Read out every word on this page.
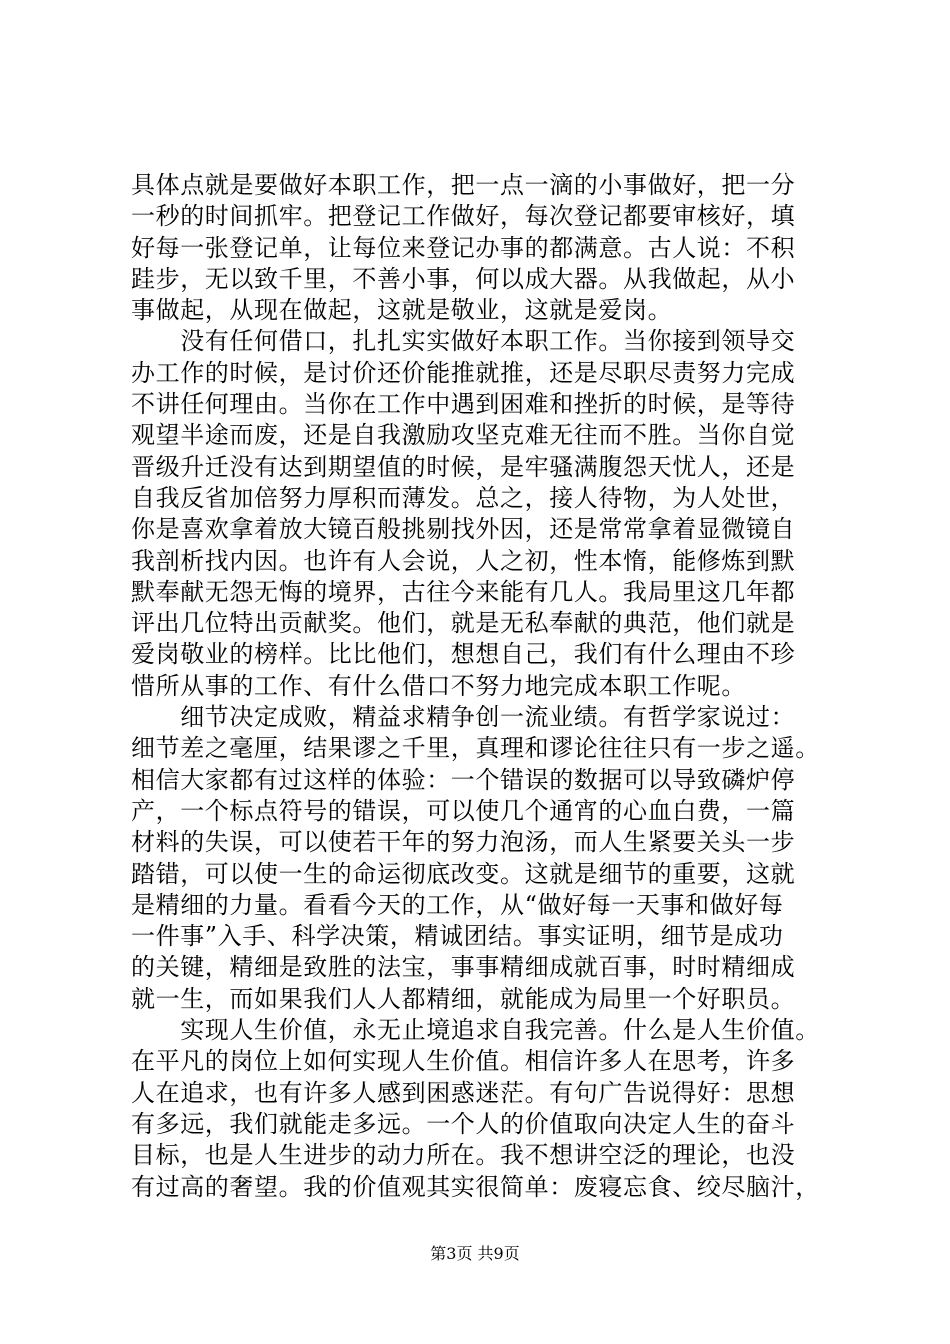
具体点就是要做好本职工作，把一点一滴的小事做好，把一分
一秒的时间抓牢。把登记工作做好，每次登记都要审核好，填
好每一张登记单，让每位来登记办事的都满意。古人说：不积
跬步，无以致千里，不善小事，何以成大器。从我做起，从小
事做起，从现在做起，这就是敬业，这就是爱岗。
　　没有任何借口，扎扎实实做好本职工作。当你接到领导交
办工作的时候，是讨价还价能推就推，还是尽职尽责努力完成
不讲任何理由。当你在工作中遇到困难和挫折的时候，是等待
观望半途而废，还是自我激励攻坚克难无往而不胜。当你自觉
晋级升迁没有达到期望值的时候，是牢骚满腹怨天忧人，还是
自我反省加倍努力厚积而薄发。总之，接人待物，为人处世，
你是喜欢拿着放大镜百般挑剔找外因，还是常常拿着显微镜自
我剖析找内因。也许有人会说，人之初，性本惰，能修炼到默
默奉献无怨无悔的境界，古往今来能有几人。我局里这几年都
评出几位特出贡献奖。他们，就是无私奉献的典范，他们就是
爱岗敬业的榜样。比比他们，想想自己，我们有什么理由不珍
惜所从事的工作、有什么借口不努力地完成本职工作呢。
　　细节决定成败，精益求精争创一流业绩。有哲学家说过：
细节差之毫厘，结果谬之千里，真理和谬论往往只有一步之遥。
相信大家都有过这样的体验：一个错误的数据可以导致磷炉停
产，一个标点符号的错误，可以使几个通宵的心血白费，一篇
材料的失误，可以使若干年的努力泡汤，而人生紧要关头一步
踏错，可以使一生的命运彻底改变。这就是细节的重要，这就
是精细的力量。看看今天的工作，从“做好每一天事和做好每
一件事”入手、科学决策，精诚团结。事实证明，细节是成功
的关键，精细是致胜的法宝，事事精细成就百事，时时精细成
就一生，而如果我们人人都精细，就能成为局里一个好职员。
　　实现人生价值，永无止境追求自我完善。什么是人生价值。
在平凡的岗位上如何实现人生价值。相信许多人在思考，许多
人在追求，也有许多人感到困惑迷茫。有句广告说得好：思想
有多远，我们就能走多远。一个人的价值取向决定人生的奋斗
目标，也是人生进步的动力所在。我不想讲空泛的理论，也没
有过高的奢望。我的价值观其实很简单：废寝忘食、绞尽脑汁，
第3页 共9页
